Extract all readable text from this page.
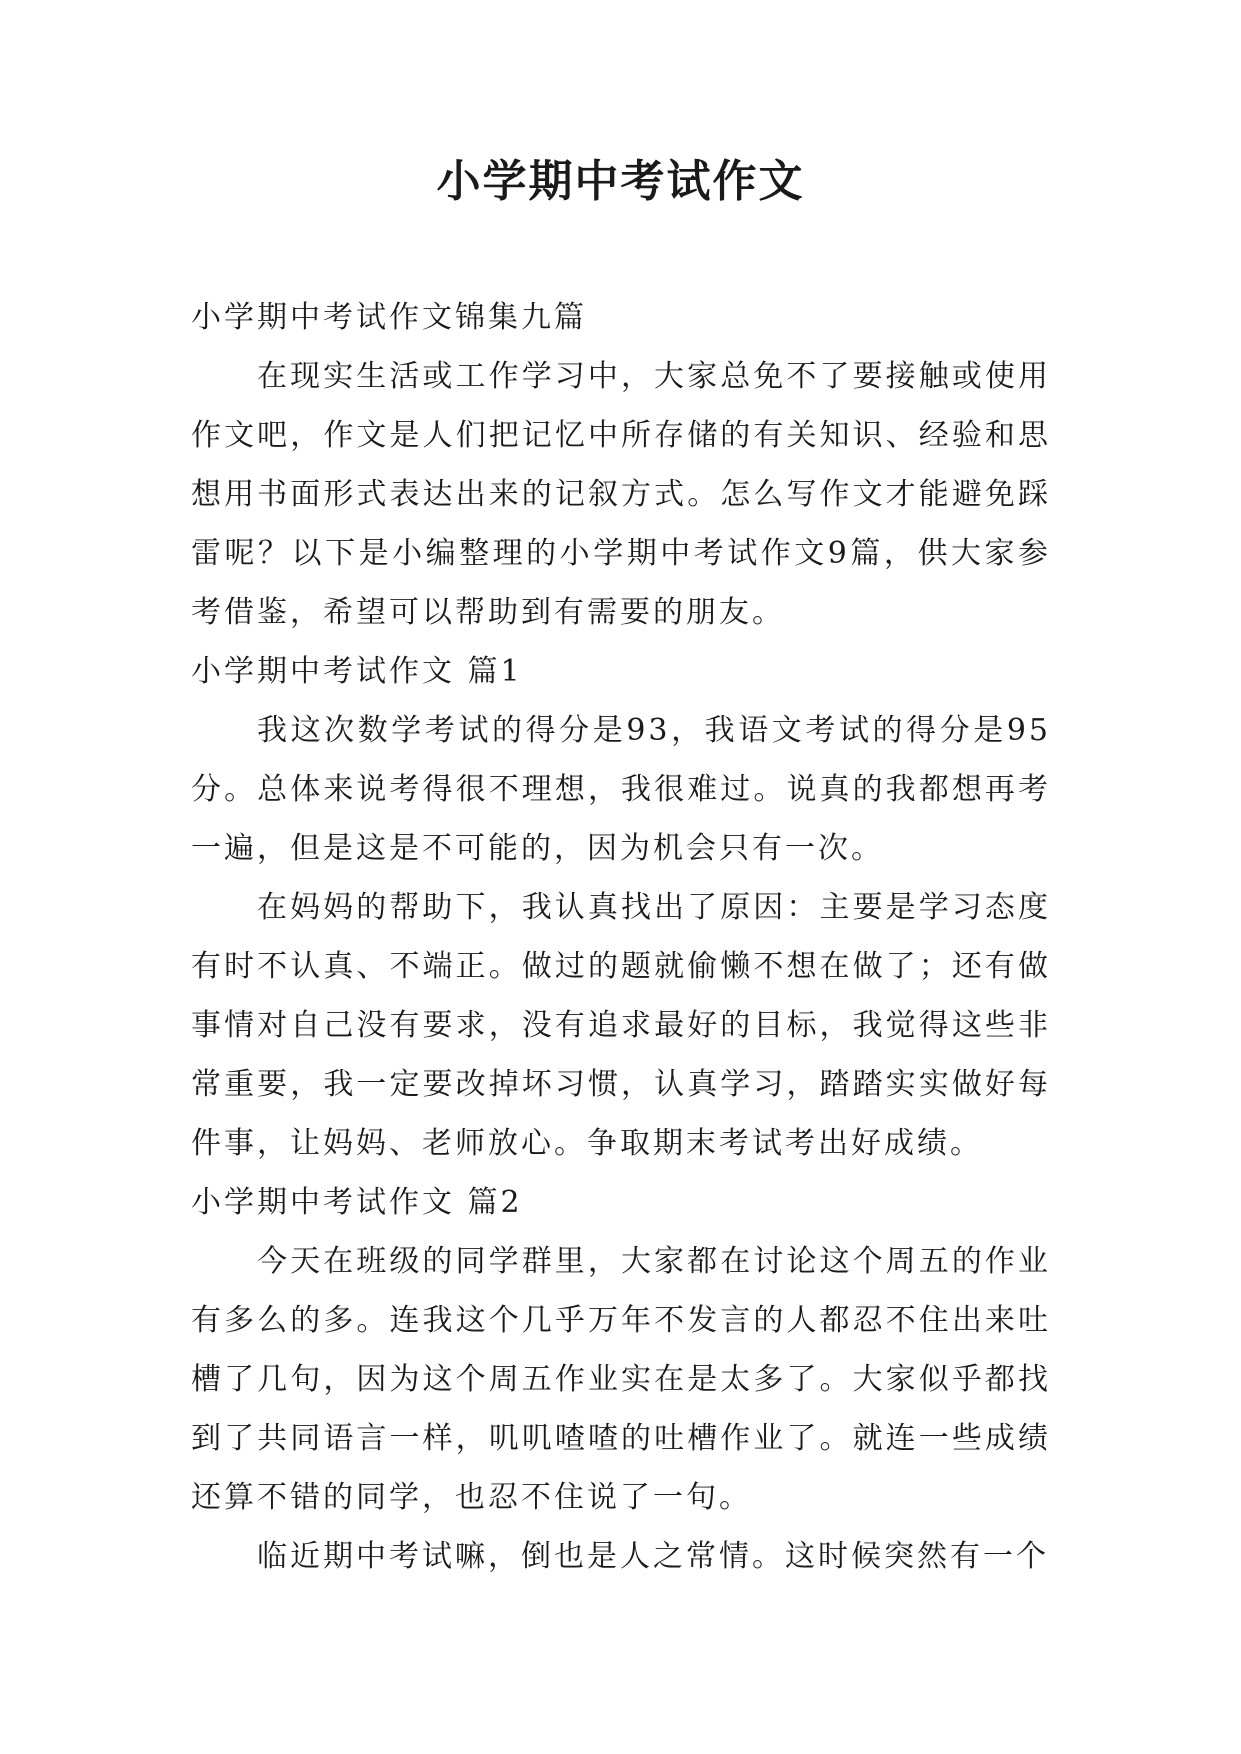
小学期中考试作文

小学期中考试作文锦集九篇

在现实生活或工作学习中，大家总免不了要接触或使用作文吧，作文是人们把记忆中所存储的有关知识、经验和思想用书面形式表达出来的记叙方式。怎么写作文才能避免踩雷呢？以下是小编整理的小学期中考试作文9篇，供大家参考借鉴，希望可以帮助到有需要的朋友。

小学期中考试作文 篇1

我这次数学考试的得分是93，我语文考试的得分是95分。总体来说考得很不理想，我很难过。说真的我都想再考一遍，但是这是不可能的，因为机会只有一次。

在妈妈的帮助下，我认真找出了原因：主要是学习态度有时不认真、不端正。做过的题就偷懒不想在做了；还有做事情对自己没有要求，没有追求最好的目标，我觉得这些非常重要，我一定要改掉坏习惯，认真学习，踏踏实实做好每件事，让妈妈、老师放心。争取期末考试考出好成绩。

小学期中考试作文 篇2

今天在班级的同学群里，大家都在讨论这个周五的作业有多么的多。连我这个几乎万年不发言的人都忍不住出来吐槽了几句，因为这个周五作业实在是太多了。大家似乎都找到了共同语言一样，叽叽喳喳的吐槽作业了。就连一些成绩还算不错的同学，也忍不住说了一句。

临近期中考试嘛，倒也是人之常情。这时候突然有一个
